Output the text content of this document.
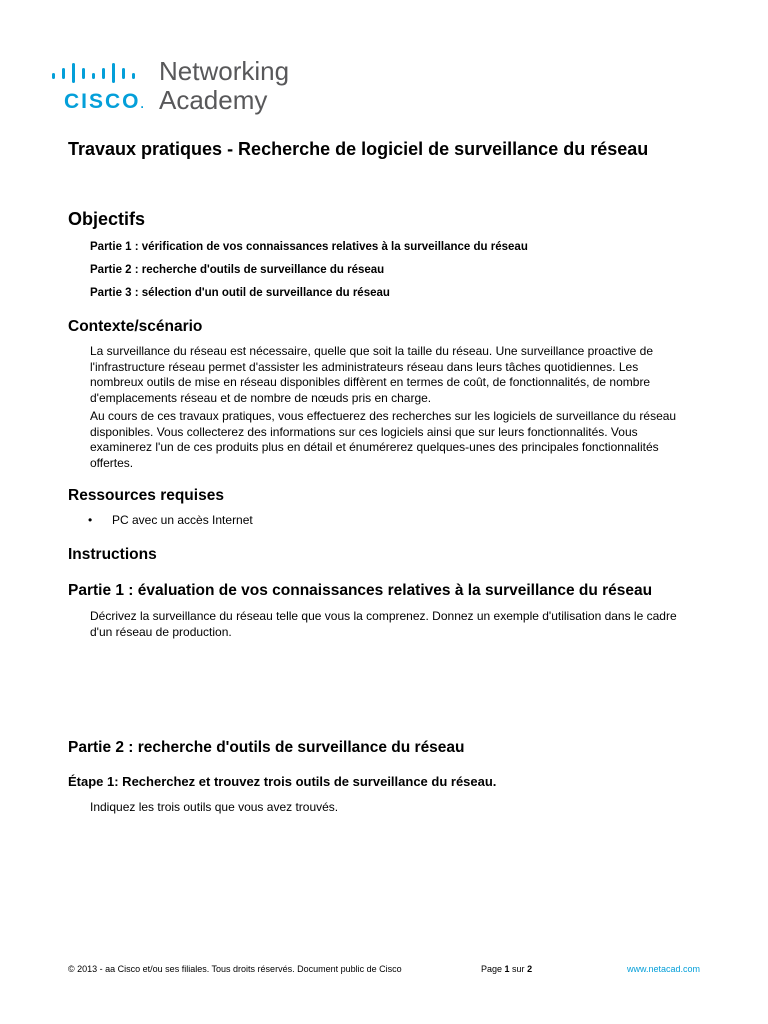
CISCO.
Networking
Academy
Travaux pratiques - Recherche de logiciel de surveillance du réseau
Objectifs

Partie 1 : vérification de vos connaissances relatives à la surveillance du réseau

Partie 2 : recherche d'outils de surveillance du réseau

Partie 3 : sélection d'un outil de surveillance du réseau

Contexte/scénario

La surveillance du réseau est nécessaire, quelle que soit la taille du réseau. Une surveillance proactive de l'infrastructure réseau permet d'assister les administrateurs réseau dans leurs tâches quotidiennes. Les nombreux outils de mise en réseau disponibles diffèrent en termes de coût, de fonctionnalités, de nombre d'emplacements réseau et de nombre de nœuds pris en charge.

Au cours de ces travaux pratiques, vous effectuerez des recherches sur les logiciels de surveillance du réseau disponibles. Vous collecterez des informations sur ces logiciels ainsi que sur leurs fonctionnalités. Vous examinerez l'un de ces produits plus en détail et énumérerez quelques-unes des principales fonctionnalités offertes.

Ressources requises
• PC avec un accès Internet
Instructions
Partie 1 : évaluation de vos connaissances relatives à la surveillance du réseau

Décrivez la surveillance du réseau telle que vous la comprenez. Donnez un exemple d'utilisation dans le cadre d'un réseau de production.

Partie 2 : recherche d'outils de surveillance du réseau
Étape 1: Recherchez et trouvez trois outils de surveillance du réseau.

Indiquez les trois outils que vous avez trouvés.

© 2013 - aa Cisco et/ou ses filiales. Tous droits réservés. Document public de Cisco	Page 1 sur 2	www.netacad.com
